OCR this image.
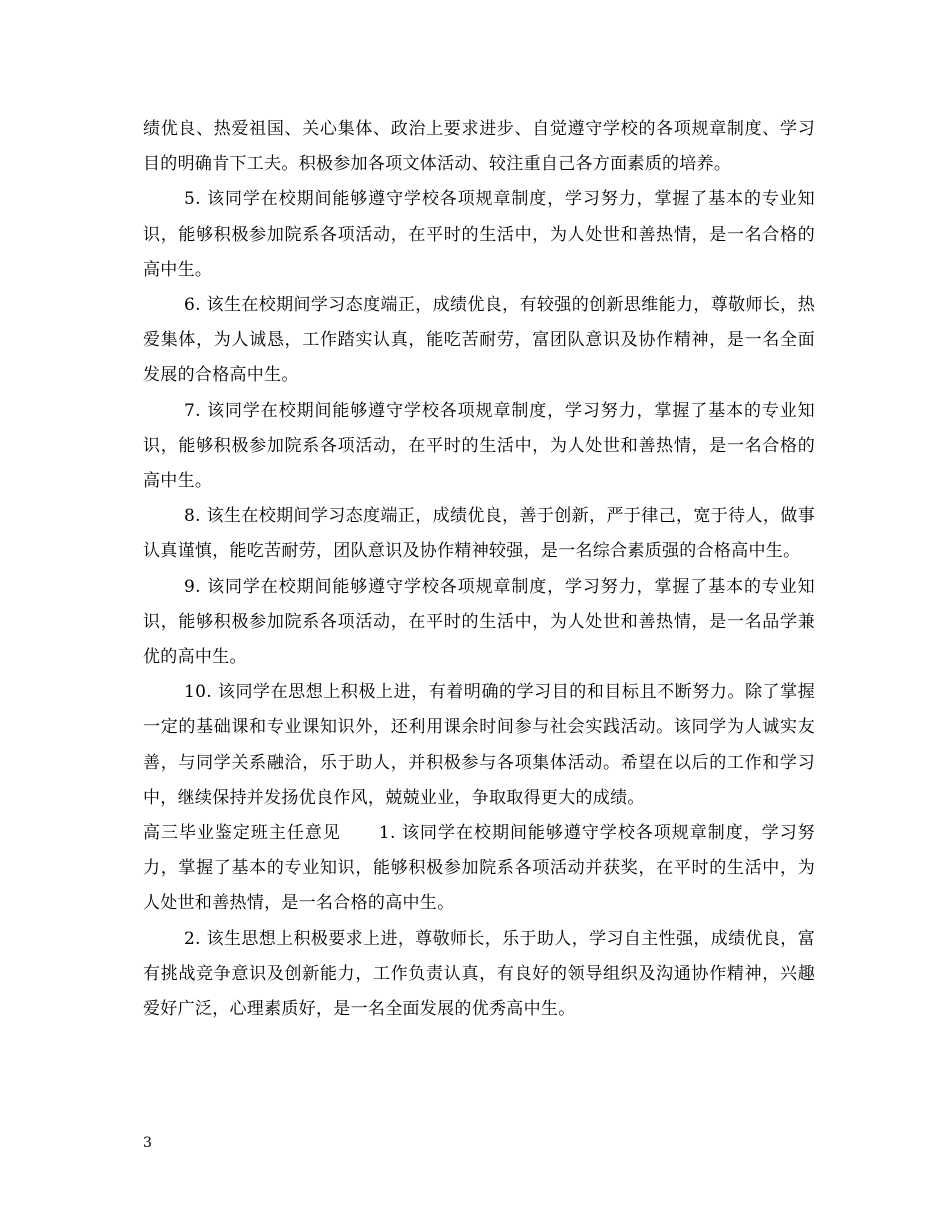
绩优良、热爱祖国、关心集体、政治上要求进步、自觉遵守学校的各项规章制度、学习目的明确肯下工夫。积极参加各项文体活动、较注重自己各方面素质的培养。

5. 该同学在校期间能够遵守学校各项规章制度，学习努力，掌握了基本的专业知识，能够积极参加院系各项活动，在平时的生活中，为人处世和善热情，是一名合格的高中生。

6. 该生在校期间学习态度端正，成绩优良，有较强的创新思维能力，尊敬师长，热爱集体，为人诚恳，工作踏实认真，能吃苦耐劳，富团队意识及协作精神，是一名全面发展的合格高中生。

7. 该同学在校期间能够遵守学校各项规章制度，学习努力，掌握了基本的专业知识，能够积极参加院系各项活动，在平时的生活中，为人处世和善热情，是一名合格的高中生。

8. 该生在校期间学习态度端正，成绩优良，善于创新，严于律己，宽于待人，做事认真谨慎，能吃苦耐劳，团队意识及协作精神较强，是一名综合素质强的合格高中生。

9. 该同学在校期间能够遵守学校各项规章制度，学习努力，掌握了基本的专业知识，能够积极参加院系各项活动，在平时的生活中，为人处世和善热情，是一名品学兼优的高中生。

10. 该同学在思想上积极上进，有着明确的学习目的和目标且不断努力。除了掌握一定的基础课和专业课知识外，还利用课余时间参与社会实践活动。该同学为人诚实友善，与同学关系融洽，乐于助人，并积极参与各项集体活动。希望在以后的工作和学习中，继续保持并发扬优良作风，兢兢业业，争取取得更大的成绩。

高三毕业鉴定班主任意见 1. 该同学在校期间能够遵守学校各项规章制度，学习努力，掌握了基本的专业知识，能够积极参加院系各项活动并获奖，在平时的生活中，为人处世和善热情，是一名合格的高中生。

2. 该生思想上积极要求上进，尊敬师长，乐于助人，学习自主性强，成绩优良，富有挑战竞争意识及创新能力，工作负责认真，有良好的领导组织及沟通协作精神，兴趣爱好广泛，心理素质好，是一名全面发展的优秀高中生。

3
